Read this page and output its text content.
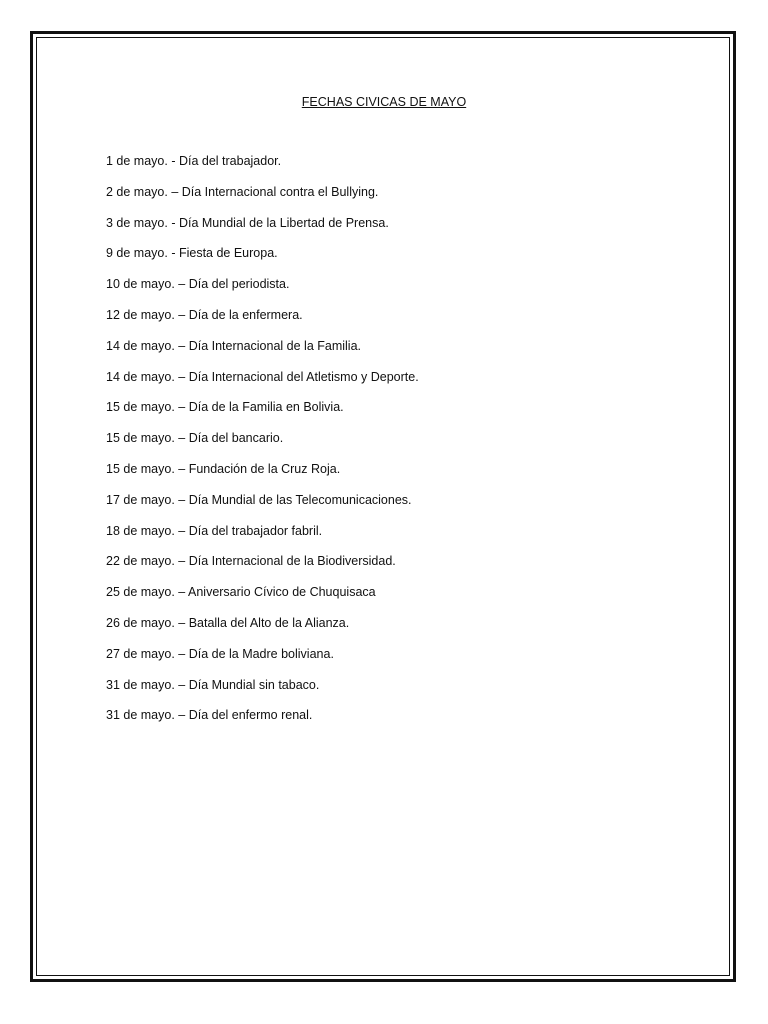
FECHAS CIVICAS DE MAYO
1 de mayo. - Día del trabajador.
2 de mayo. – Día Internacional contra el Bullying.
3 de mayo. - Día Mundial de la Libertad de Prensa.
9 de mayo. - Fiesta de Europa.
10 de mayo. – Día del periodista.
12 de mayo. – Día de la enfermera.
14 de mayo. – Día Internacional de la Familia.
14 de mayo. – Día Internacional del Atletismo y Deporte.
15 de mayo. – Día de la Familia en Bolivia.
15 de mayo. – Día del bancario.
15 de mayo. – Fundación de la Cruz Roja.
17 de mayo. – Día Mundial de las Telecomunicaciones.
18 de mayo. – Día del trabajador fabril.
22 de mayo. – Día Internacional de la Biodiversidad.
25 de mayo. – Aniversario Cívico de Chuquisaca
26 de mayo. – Batalla del Alto de la Alianza.
27 de mayo. – Día de la Madre boliviana.
31 de mayo. – Día Mundial sin tabaco.
31 de mayo. – Día del enfermo renal.
